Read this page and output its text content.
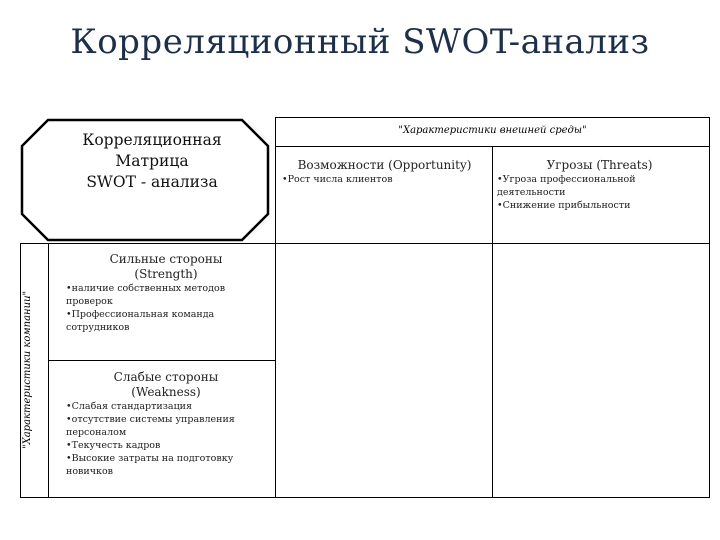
Корреляционный SWOT-анализ
Корреляционная
Матрица
SWOT - анализа
"Характеристики внешней среды"
"Характеристики компании"
Возможности (Opportunity)
• Рост числа клиентов
Угрозы (Threats)
• Угроза профессиональной деятельности
• Снижение прибыльности
Сильные стороны
(Strength)
• наличие собственных методов проверок
• Профессиональная команда сотрудников
Слабые стороны
(Weakness)
• Слабая стандартизация
• отсутствие системы управления персоналом
• Текучесть кадров
• Высокие затраты на подготовку новичков
